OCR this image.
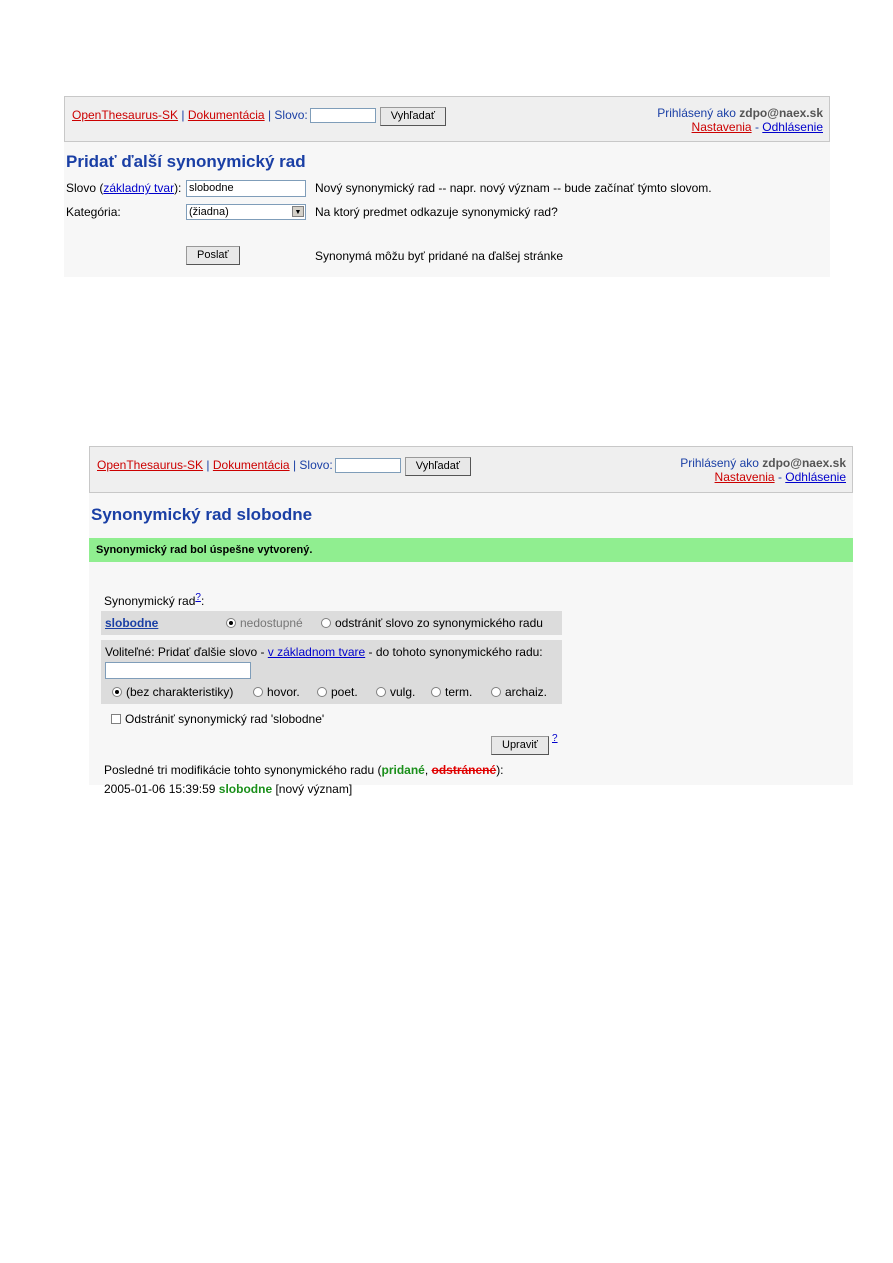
OpenThesaurus-SK | Dokumentácia | Slovo:	Vyhľadať	Prihlásený ako zdpo@naex.sk
Nastavenia - Odhlásenie
Pridať ďalší synonymický rad
Slovo (základný tvar): slobodne	Nový synonymický rad -- napr. nový význam -- bude začínať týmto slovom.
Kategória:	(žiadna)	▼ Na ktorý predmet odkazuje synonymický rad?
Poslať	Synonymá môžu byť pridané na ďalšej stránke
OpenThesaurus-SK | Dokumentácia | Slovo:	Vyhľadať	Prihlásený ako zdpo@naex.sk
Nastavenia - Odhlásenie
Synonymický rad slobodne
Synonymický rad bol úspešne vytvorený.
Synonymický rad?:
slobodne	nedostupné	odstrániť slovo zo synonymického radu
Voliteľné: Pridať ďalšie slovo - v základnom tvare - do tohoto synonymického radu:
(bez charakteristiky)	hovor.	poet.	vulg.	term.	archaiz.
Odstrániť synonymický rad 'slobodne'
Upraviť
?
Posledné tri modifikácie tohto synonymického radu (pridané, odstránené):
2005-01-06 15:39:59 slobodne [nový význam]
